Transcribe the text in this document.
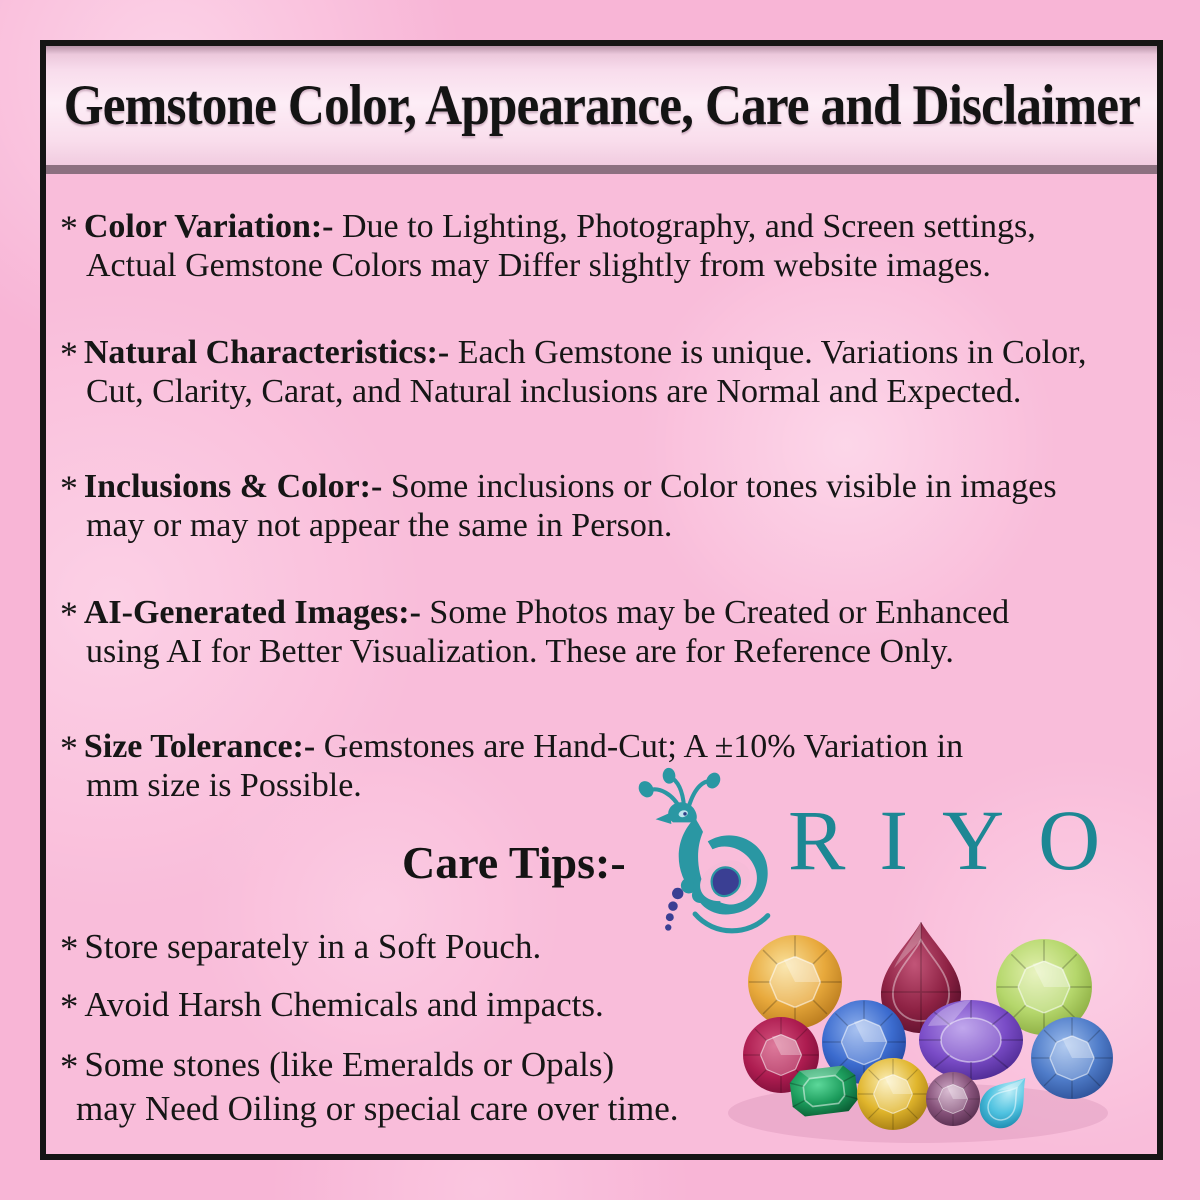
Gemstone Color, Appearance, Care and Disclaimer
* Color Variation:- Due to Lighting, Photography, and Screen settings,
Actual Gemstone Colors may Differ slightly from website images.
* Natural Characteristics:- Each Gemstone is unique. Variations in Color,
Cut, Clarity, Carat, and Natural inclusions are Normal and Expected.
* Inclusions & Color:- Some inclusions or Color tones visible in images
may or may not appear the same in Person.
* AI-Generated Images:- Some Photos may be Created or Enhanced
using AI for Better Visualization. These are for Reference Only.
* Size Tolerance:- Gemstones are Hand-Cut; A ±10% Variation in
mm size is Possible.
Care Tips:- RIYO
* Store separately in a Soft Pouch.
* Avoid Harsh Chemicals and impacts.
* Some stones (like Emeralds or Opals)
may Need Oiling or special care over time.
